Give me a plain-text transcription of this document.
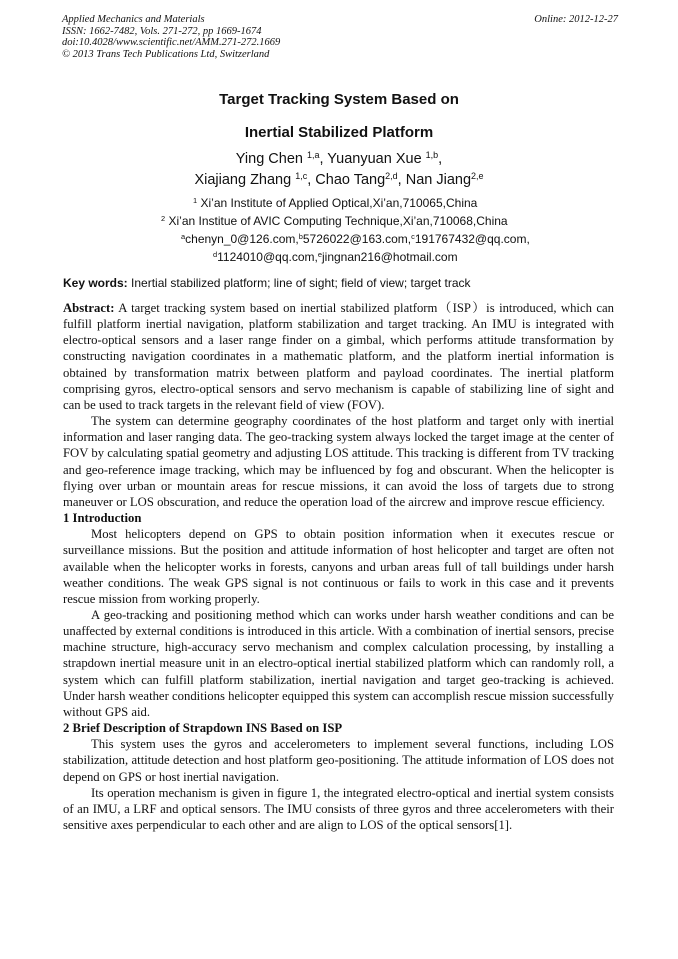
Applied Mechanics and Materials
ISSN: 1662-7482, Vols. 271-272, pp 1669-1674
doi:10.4028/www.scientific.net/AMM.271-272.1669
© 2013 Trans Tech Publications Ltd, Switzerland
Online: 2012-12-27
Target Tracking System Based on
Inertial Stabilized Platform
Ying Chen $^{1,a}$, Yuanyuan Xue $^{1,b}$,
Xiajiang Zhang $^{1,c}$, Chao Tang$^{2,d}$, Nan Jiang$^{2,e}$
$^1$ Xi’an Institute of Applied Optical,Xi’an,710065,China
$^2$ Xi’an Institue of AVIC Computing Technique,Xi’an,710068,China
$^a$chenyn_0@126.com,$^b$5726022@163.com,$^c$191767432@qq.com,
$^d$1124010@qq.com,$^e$jingnan216@hotmail.com
Key words: Inertial stabilized platform; line of sight; field of view; target track

Abstract: A target tracking system based on inertial stabilized platform（ISP）is introduced, which can fulfill platform inertial navigation, platform stabilization and target tracking. An IMU is integrated with electro-optical sensors and a laser range finder on a gimbal, which performs attitude transformation by constructing navigation coordinates in a mathematic platform, and the platform inertial information is obtained by transformation matrix between platform and payload coordinates. The inertial platform comprising gyros, electro-optical sensors and servo mechanism is capable of stabilizing line of sight and can be used to track targets in the relevant field of view (FOV).

The system can determine geography coordinates of the host platform and target only with inertial information and laser ranging data. The geo-tracking system always locked the target image at the center of FOV by calculating spatial geometry and adjusting LOS attitude. This tracking is different from TV tracking and geo-reference image tracking, which may be influenced by fog and obscurant. When the helicopter is flying over urban or mountain areas for rescue missions, it can avoid the loss of targets due to strong maneuver or LOS obscuration, and reduce the operation load of the aircrew and improve rescue efficiency.

1 Introduction

Most helicopters depend on GPS to obtain position information when it executes rescue or surveillance missions. But the position and attitude information of host helicopter and target are often not available when the helicopter works in forests, canyons and urban areas full of tall buildings under harsh weather conditions. The weak GPS signal is not continuous or fails to work in this case and it prevents rescue mission from working properly.

A geo-tracking and positioning method which can works under harsh weather conditions and can be unaffected by external conditions is introduced in this article. With a combination of inertial sensors, precise machine structure, high-accuracy servo mechanism and complex calculation processing, by installing a strapdown inertial measure unit in an electro-optical inertial stabilized platform which can randomly roll, a system which can fulfill platform stabilization, inertial navigation and target geo-tracking is achieved. Under harsh weather conditions helicopter equipped this system can accomplish rescue mission successfully without GPS aid.

2 Brief Description of Strapdown INS Based on ISP

This system uses the gyros and accelerometers to implement several functions, including LOS stabilization, attitude detection and host platform geo-positioning. The attitude information of LOS does not depend on GPS or host inertial navigation.

Its operation mechanism is given in figure 1, the integrated electro-optical and inertial system consists of an IMU, a LRF and optical sensors. The IMU consists of three gyros and three accelerometers with their sensitive axes perpendicular to each other and are align to LOS of the optical sensors[1].
